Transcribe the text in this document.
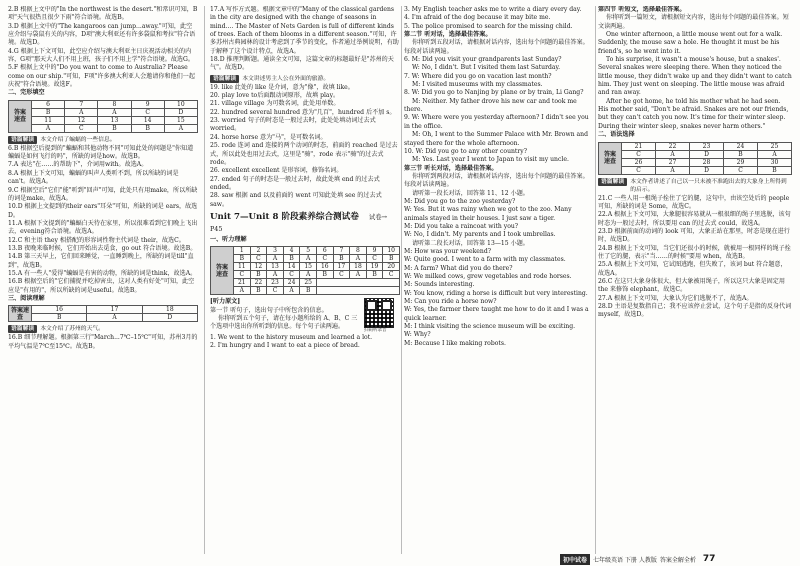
2.B 根据上文中的"In the northwest is the desert."和常识可知，B项"天气很热且很少下雨"符合语境。故选B。

3.D 根据上文中的"The kangaroos can jump...away."可知，此空应介绍与袋鼠有关的内容，D项"澳大利亚还有许多袋鼠和考拉"符合语境。故选D。

4.G 根据上下文可知，此空应介绍与澳大利亚主日庆祝活动相关的内容，G项"那天大人们不用上班，孩子们不用上学"符合语境。故选G。

5.F 根据上文中的"Do you want to come to Australia? Please come on our ship."可知，F项"许多澳大利亚人会邀请你和他们一起庆祝"符合语境。故选F。

二、完形填空

答案
速查	6	7	8	9	10
	B	A	A	C	D
	11	12	13	14	15
	A	C	B	B	A
语篇解读	本文介绍了蝙蝠的一些信息。

6.B 根据空后提到的"蝙蝠和其他动物不同"可知此处的问题是"你知道蝙蝠是如何飞行的吗"，所缺的词是how。故选B。

7.A 表达"在……的帮助下"，介词用with。故选A。

8.A 根据上下文可知，蝙蝠的叫声人类听不到，所以所缺的词是can't。故选A。

9.C 根据空后"它们"能"听到"回声"可知，此处只有用make，所以所缺的词是make，故选A。

10.D 根据上文提到的their ears"耳朵"可知，所缺的词是 ears，故选D。

11.A 根据下文提到的"蝙蝠白天待在家里，所以很难看到它们晚上飞出去，evening符合语境。故选A。

12.C 和主语 they 相搭配的形容词性物主代词是 their，故选C。

13.B 夜晚来临时候，它们开始出去觅食，go out 符合语境。故选B。

14.B 第三天早上，它们回来睡觉，一直睡到晚上，所缺的词是till"直到"，故选B。

15.A 有一些人"爱得"蝙蝠是有害的动物，所缺的词是think，故选A。

16.B 根据空后的"它们捕捉并吃掉害虫，这对人类有好处"可知，此空应是"有用的"，所以所缺的词是useful。故选B。

三、阅读理解

答案速查	16	17	18
	B	A	D
语篇解读	本文介绍了苏州的天气。

16.B 细节理解题。根据第三行"March...7℃–15℃"可知，苏州3月的平均气温是7℃至15℃。故选B。

17.A 写作方式题。根据文章中的"Many of the classical gardens in the city are designed with the change of seasons in mind.... The Master of Nets Garden is full of different kinds of trees. Each of them blooms in a different season."可知，许多苏州古典园林的设计考虑到了季节的变化，作者通过举例说明，有助于解释了这个设计特点，故选A。

18.D 推理判断题。通读全文可知，这篇文章的标题最好是"苏州的天气"。故选D。

语篇解读	本文讲述男主人公在外面的旅游。

19. like 此处的 like 是介词，意为"像"，故填 like。

20. play love to后面跟动词原形，故填 play。

21. village village 为可数名词，此处用单数。

22. hundred several hundred 意为"几百"，hundred 后不加 s。

23. worried 句子的时态是一般过去时，此处处填动词过去式 worried。

24. horse horse 意为"马"，是可数名词。

25. rode 连词 and 连接的两个动词的时态，前面的 reached 是过去式，所以此处也用过去式，这里是"骑"，rode 表示"骑"的过去式 rode。

26. excellent excellent 是形容词，修饰名词。

27. ended 句子的时态是一般过去时，故此处填 end 的过去式 ended。

28. saw 根据 and 以及前面的 went 可知此处填 see 的过去式 saw。

Unit 7—Unit 8 阶段素养综合测试卷 试卷→ P45

一、听力理解

答案
速查	1	2	3	4	5	6	7	8	9	10
	B	C	A	B	A	C	B	A	C	B
	11	12	13	14	15	16	17	18	19	20
	C	B	A	C	A	B	C	A	B	C
	21	22	23	24	25					
	A	B	C	A	B					

[听力原文]

第一节 听句子，选出句子中所包含的信息。

你将听到五个句子，请在每小题所给的 A、B、C 三个选项中选出你所听到的信息。每个句子读两遍。

扫码听录音

1. We went to the history museum and learned a lot.

2. I'm hungry and I want to eat a piece of bread.

3. My English teacher asks me to write a diary every day.

4. I'm afraid of the dog because it may bite me.

5. The police promised to search for the missing child.

第二节 听对话，选择最佳答案。

你将听到五段对话，请根据对话内容，选出每个问题的最佳答案。每段对话读两遍。

6. M: Did you visit your grandparents last Sunday?

W: No, I didn't. But I visited them last Saturday.

7. W: Where did you go on vacation last month?

M: I visited museums with my classmates.

8. W: Did you go to Nanjing by plane or by train, Li Gang?

M: Neither. My father drove his new car and took me there.

9. W: Where were you yesterday afternoon? I didn't see you in the office.

M: Oh, I went to the Summer Palace with Mr. Brown and stayed there for the whole afternoon.

10. W: Did you go to any other country?

M: Yes. Last year I went to Japan to visit my uncle.

第三节 听长对话，选择最佳答案。

你将听到两段对话，请根据对话内容，选出每个问题的最佳答案。每段对话读两遍。

请听第一段长对话，回答第 11、12 小题。

M: Did you go to the zoo yesterday?

W: Yes. But it was rainy when we got to the zoo. Many animals stayed in their houses. I just saw a tiger.

M: Did you take a raincoat with you?

W: No, I didn't. My parents and I took umbrellas.

请听第二段长对话，回答第 13—15 小题。

M: How was your weekend?

W: Quite good. I went to a farm with my classmates.

M: A farm? What did you do there?

W: We milked cows, grew vegetables and rode horses.

M: Sounds interesting.

W: You know, riding a horse is difficult but very interesting.

M: Can you ride a horse now?

W: Yes, the farmer there taught me how to do it and I was a quick learner.

M: I think visiting the science museum will be exciting.

W: Why?

M: Because I like making robots.

第四节 听短文，选择最佳答案。

你将听到一篇短文，请根据短文内容，选出每个问题的最佳答案。短文读两遍。

One winter afternoon, a little mouse went out for a walk. Suddenly, the mouse saw a hole. He thought it must be his friend's, so he went into it.

To his surprise, it wasn't a mouse's house, but a snakes'. Several snakes were sleeping there. When they noticed the little mouse, they didn't wake up and they didn't want to catch him. They just went on sleeping. The little mouse was afraid and ran away.

After he got home, he told his mother what he had seen. His mother said, "Don't be afraid. Snakes are not our friends, but they can't catch you now. It's time for their winter sleep. During their winter sleep, snakes never harm others."

二、语法选择

答案
速查	21	22	23	24	25
	C	A	D	B	A
	26	27	28	29	30
	C	A	D	C	B
语篇解读	本文作者讲述了自己以一只未被不准跑出去的大象身上所得到的启示。

21.C 一些人用一根绳子拴住了它的腿，这句中，由该空处后的 people 可知，所缺的词是 Some，故选C。

22.A 根据上下文可知，大象腿很容易就从一根很细的绳子里逃脱，该句时态为一般过去时，所以要用 can 的过去式 could，故选A。

23.D 根据前面的动词的 look 可知，大象正站在那里，时态是现在进行时，故选D。

24.B 根据上下文可知，当它们还很小的时候，就被用一根同样的绳子拴住了它的腿，表示"当……的时候"要用 when，故选B。

25.A 根据上下文可知，它试图逃跑，但失败了，该词 but 符合题意，故选A。

26.C 在这只大象身体很大，但大象被用绳子，所以这只大象是固定用 the 来修饰 elephant，故选C。

27.A 根据上下文可知，大象认为它们逃脱不了，故选A。

28.D 主语是复数指自己；我不应该停止尝试，这个句子是指的反身代词 myself，故选D。

初中试卷	七年级英语 下册 人教版 答案全解全析 77
